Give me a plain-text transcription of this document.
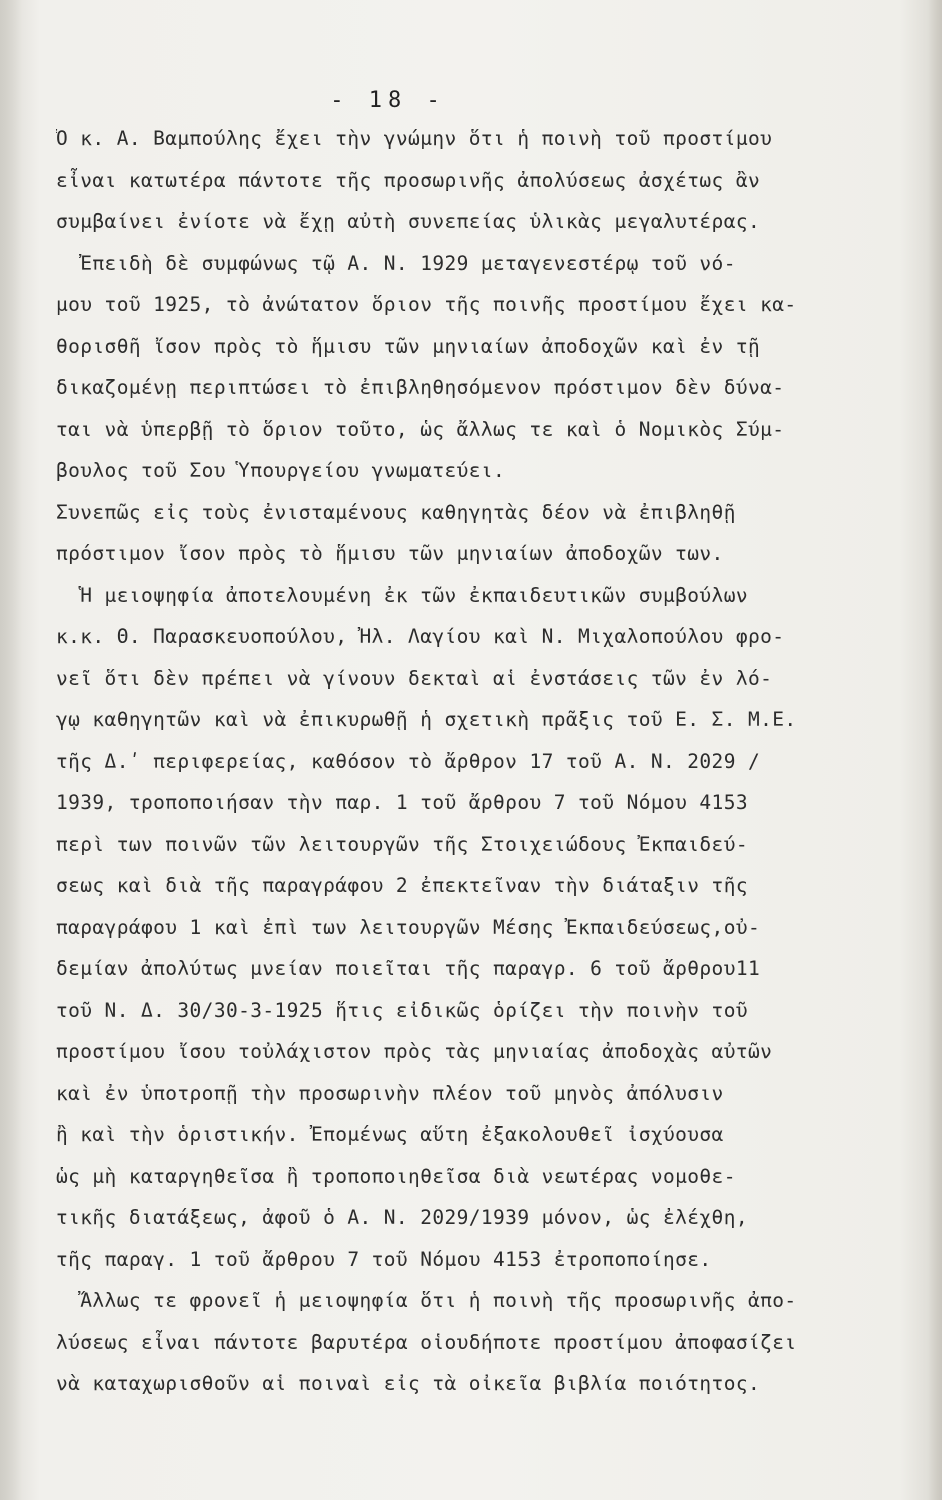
- 18 -
Ὁ κ. Α. Βαμπούλης ἔχει τὴν γνώμην ὅτι ἡ ποινὴ τοῦ προστίμου
εἶναι κατωτέρα πάντοτε τῆς προσωρινῆς ἀπολύσεως ἀσχέτως ἂν
συμβαίνει ἐνίοτε νὰ ἔχῃ αὐτὴ συνεπείας ὑλικὰς μεγαλυτέρας.
Ἐπειδὴ δὲ συμφώνως τῷ Α. Ν. 1929 μεταγενεστέρῳ τοῦ νό-
μου τοῦ 1925, τὸ ἀνώτατον ὅριον τῆς ποινῆς προστίμου ἔχει κα-
θορισθῆ ἴσον πρὸς τὸ ἥμισυ τῶν μηνιαίων ἀποδοχῶν καὶ ἐν τῇ
δικαζομένῃ περιπτώσει τὸ ἐπιβληθησόμενον πρόστιμον δὲν δύνα-
ται νὰ ὑπερβῇ τὸ ὅριον τοῦτο, ὡς ἄλλως τε καὶ ὁ Νομικὸς Σύμ-
βουλος τοῦ Σου Ὑπουργείου γνωματεύει.
Συνεπῶς εἰς τοὺς ἐνισταμένους καθηγητὰς δέον νὰ ἐπιβληθῇ
πρόστιμον ἴσον πρὸς τὸ ἥμισυ τῶν μηνιαίων ἀποδοχῶν των.
Ἡ μειοψηφία ἀποτελουμένη ἐκ τῶν ἐκπαιδευτικῶν συμβούλων
κ.κ. Θ. Παρασκευοπούλου, Ἠλ. Λαγίου καὶ Ν. Μιχαλοπούλου φρο-
νεῖ ὅτι δὲν πρέπει νὰ γίνουν δεκταὶ αἱ ἐνστάσεις τῶν ἐν λό-
γῳ καθηγητῶν καὶ νὰ ἐπικυρωθῇ ἡ σχετικὴ πρᾶξις τοῦ Ε. Σ. Μ.Ε.
τῆς Δ.ʹ περιφερείας, καθόσον τὸ ἄρθρον 17 τοῦ Α. Ν. 2029 /
1939, τροποποιήσαν τὴν παρ. 1 τοῦ ἄρθρου 7 τοῦ Νόμου 4153
περὶ των ποινῶν τῶν λειτουργῶν τῆς Στοιχειώδους Ἐκπαιδεύ-
σεως καὶ διὰ τῆς παραγράφου 2 ἐπεκτεῖναν τὴν διάταξιν τῆς
παραγράφου 1 καὶ ἐπὶ των λειτουργῶν Μέσης Ἐκπαιδεύσεως,οὐ-
δεμίαν ἀπολύτως μνείαν ποιεῖται τῆς παραγρ. 6 τοῦ ἄρθρου11
τοῦ Ν. Δ. 30/30-3-1925 ἥτις εἰδικῶς ὁρίζει τὴν ποινὴν τοῦ
προστίμου ἴσου τοὐλάχιστον πρὸς τὰς μηνιαίας ἀποδοχὰς αὐτῶν
καὶ ἐν ὑποτροπῇ τὴν προσωρινὴν πλέον τοῦ μηνὸς ἀπόλυσιν
ἢ καὶ τὴν ὁριστικήν. Ἐπομένως αὕτη ἐξακολουθεῖ ἰσχύουσα
ὡς μὴ καταργηθεῖσα ἢ τροποποιηθεῖσα διὰ νεωτέρας νομοθε-
τικῆς διατάξεως, ἀφοῦ ὁ Α. Ν. 2029/1939 μόνον, ὡς ἐλέχθη,
τῆς παραγ. 1 τοῦ ἄρθρου 7 τοῦ Νόμου 4153 ἐτροποποίησε.
Ἄλλως τε φρονεῖ ἡ μειοψηφία ὅτι ἡ ποινὴ τῆς προσωρινῆς ἀπο-
λύσεως εἶναι πάντοτε βαρυτέρα οἱουδήποτε προστίμου ἀποφασίζει
νὰ καταχωρισθοῦν αἱ ποιναὶ εἰς τὰ οἰκεῖα βιβλία ποιότητος.
